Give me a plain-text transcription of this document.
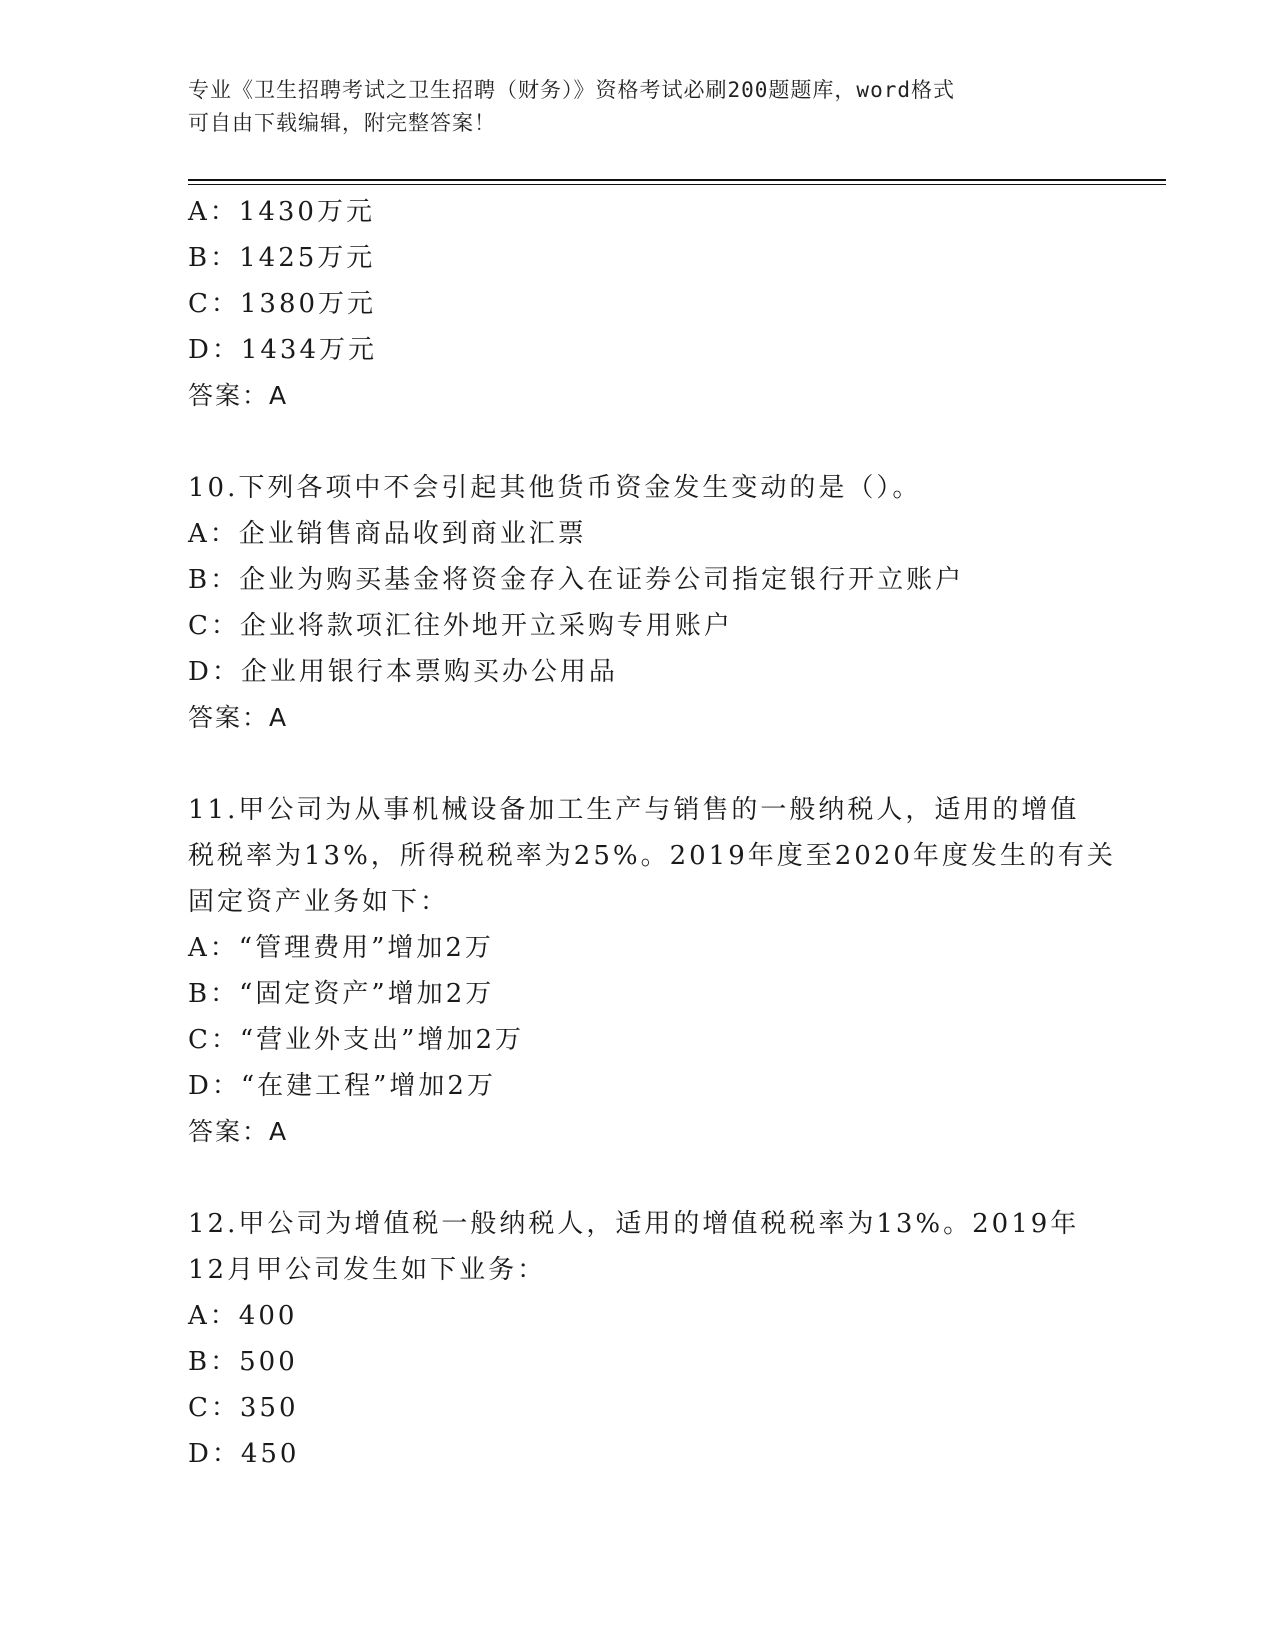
专业《卫生招聘考试之卫生招聘（财务）》资格考试必刷200题题库，word格式
可自由下载编辑，附完整答案！
A：1430万元
B：1425万元
C：1380万元
D：1434万元
答案：A
10.下列各项中不会引起其他货币资金发生变动的是（）。
A：企业销售商品收到商业汇票
B：企业为购买基金将资金存入在证券公司指定银行开立账户
C：企业将款项汇往外地开立采购专用账户
D：企业用银行本票购买办公用品
答案：A
11.甲公司为从事机械设备加工生产与销售的一般纳税人，适用的增值
税税率为13%，所得税税率为25%。2019年度至2020年度发生的有关
固定资产业务如下：
A：“管理费用”增加2万
B：“固定资产”增加2万
C：“营业外支出”增加2万
D：“在建工程”增加2万
答案：A
12.甲公司为增值税一般纳税人，适用的增值税税率为13%。2019年
12月甲公司发生如下业务：
A：400
B：500
C：350
D：450
